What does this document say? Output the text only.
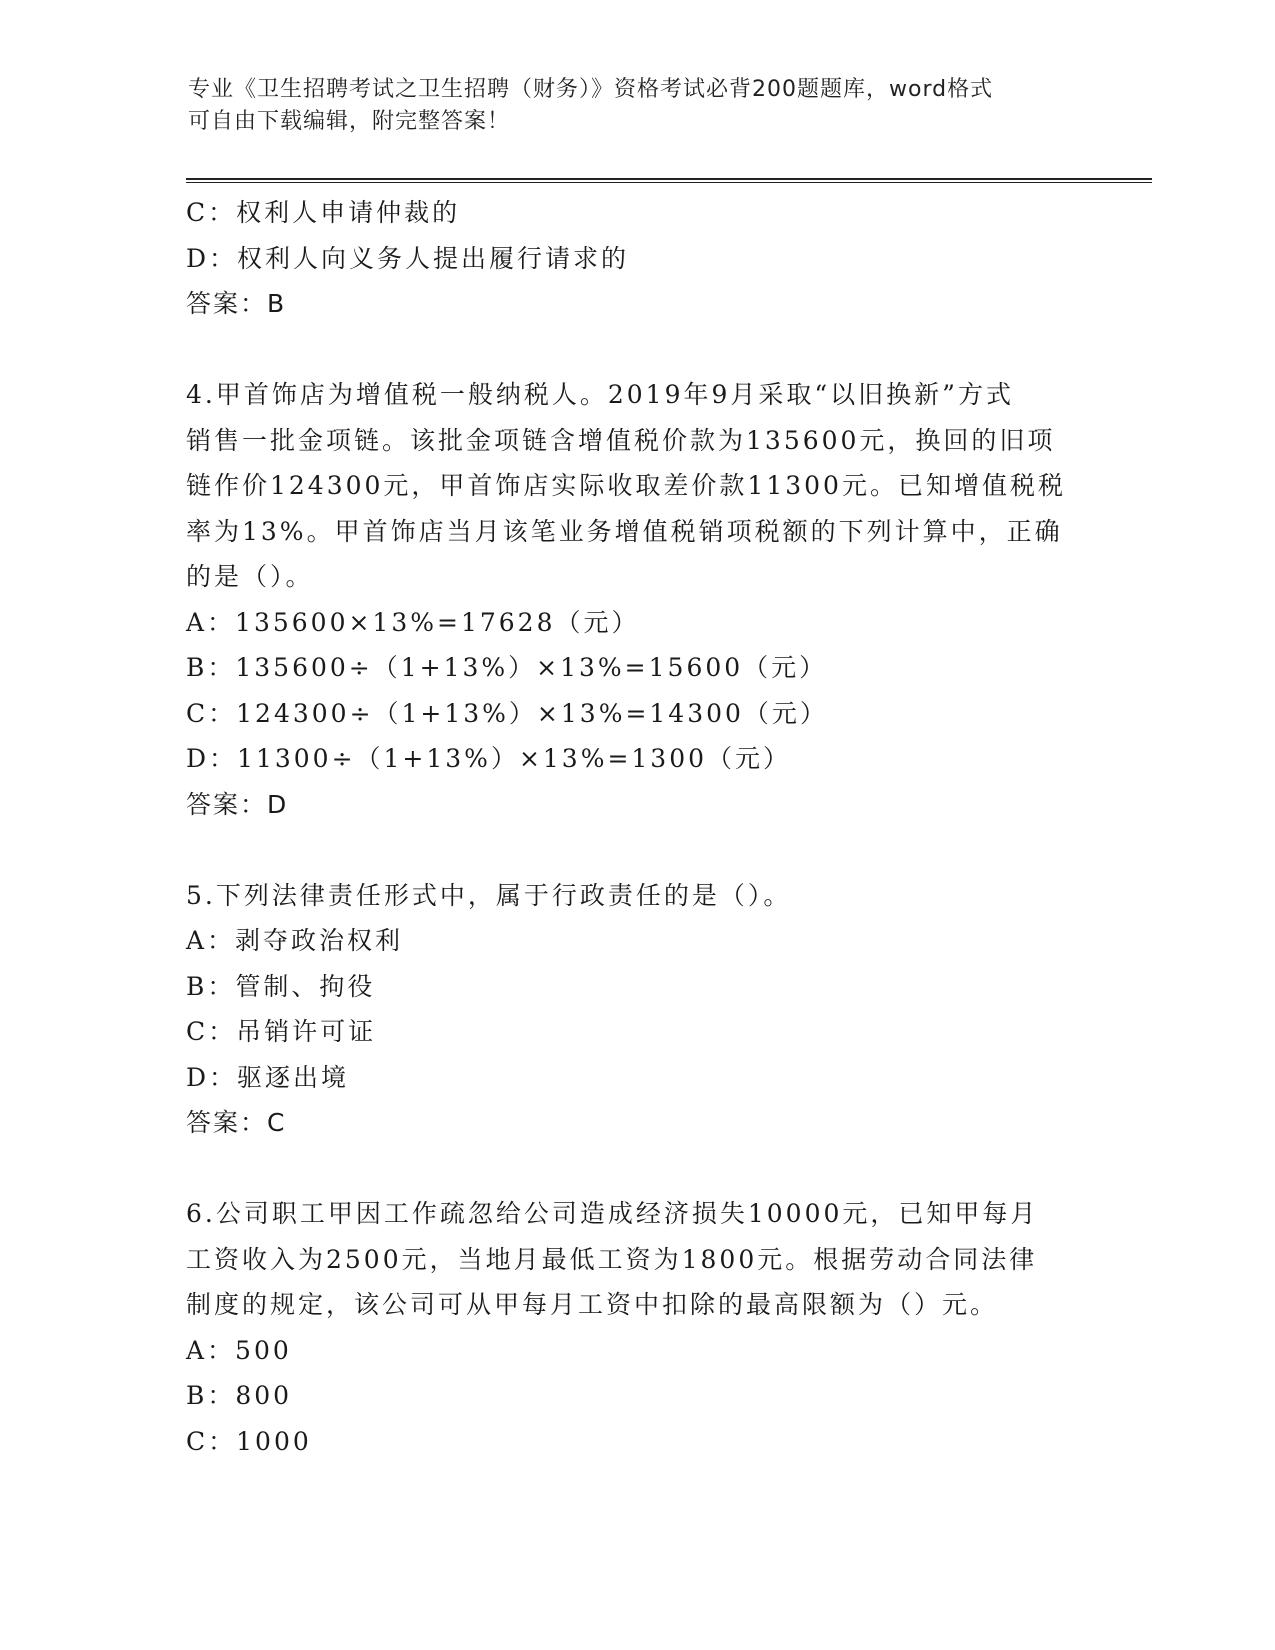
专业《卫生招聘考试之卫生招聘（财务）》资格考试必背200题题库，word格式
可自由下载编辑，附完整答案！
C：权利人申请仲裁的
D：权利人向义务人提出履行请求的
答案：B
4.甲首饰店为增值税一般纳税人。2019年9月采取“以旧换新”方式
销售一批金项链。该批金项链含增值税价款为135600元，换回的旧项
链作价124300元，甲首饰店实际收取差价款11300元。已知增值税税
率为13%。甲首饰店当月该笔业务增值税销项税额的下列计算中，正确
的是（）。
A：135600×13%=17628（元）
B：135600÷（1+13%）×13%=15600（元）
C：124300÷（1+13%）×13%=14300（元）
D：11300÷（1+13%）×13%=1300（元）
答案：D
5.下列法律责任形式中，属于行政责任的是（）。
A：剥夺政治权利
B：管制、拘役
C：吊销许可证
D：驱逐出境
答案：C
6.公司职工甲因工作疏忽给公司造成经济损失10000元，已知甲每月
工资收入为2500元，当地月最低工资为1800元。根据劳动合同法律
制度的规定，该公司可从甲每月工资中扣除的最高限额为（）元。
A：500
B：800
C：1000
